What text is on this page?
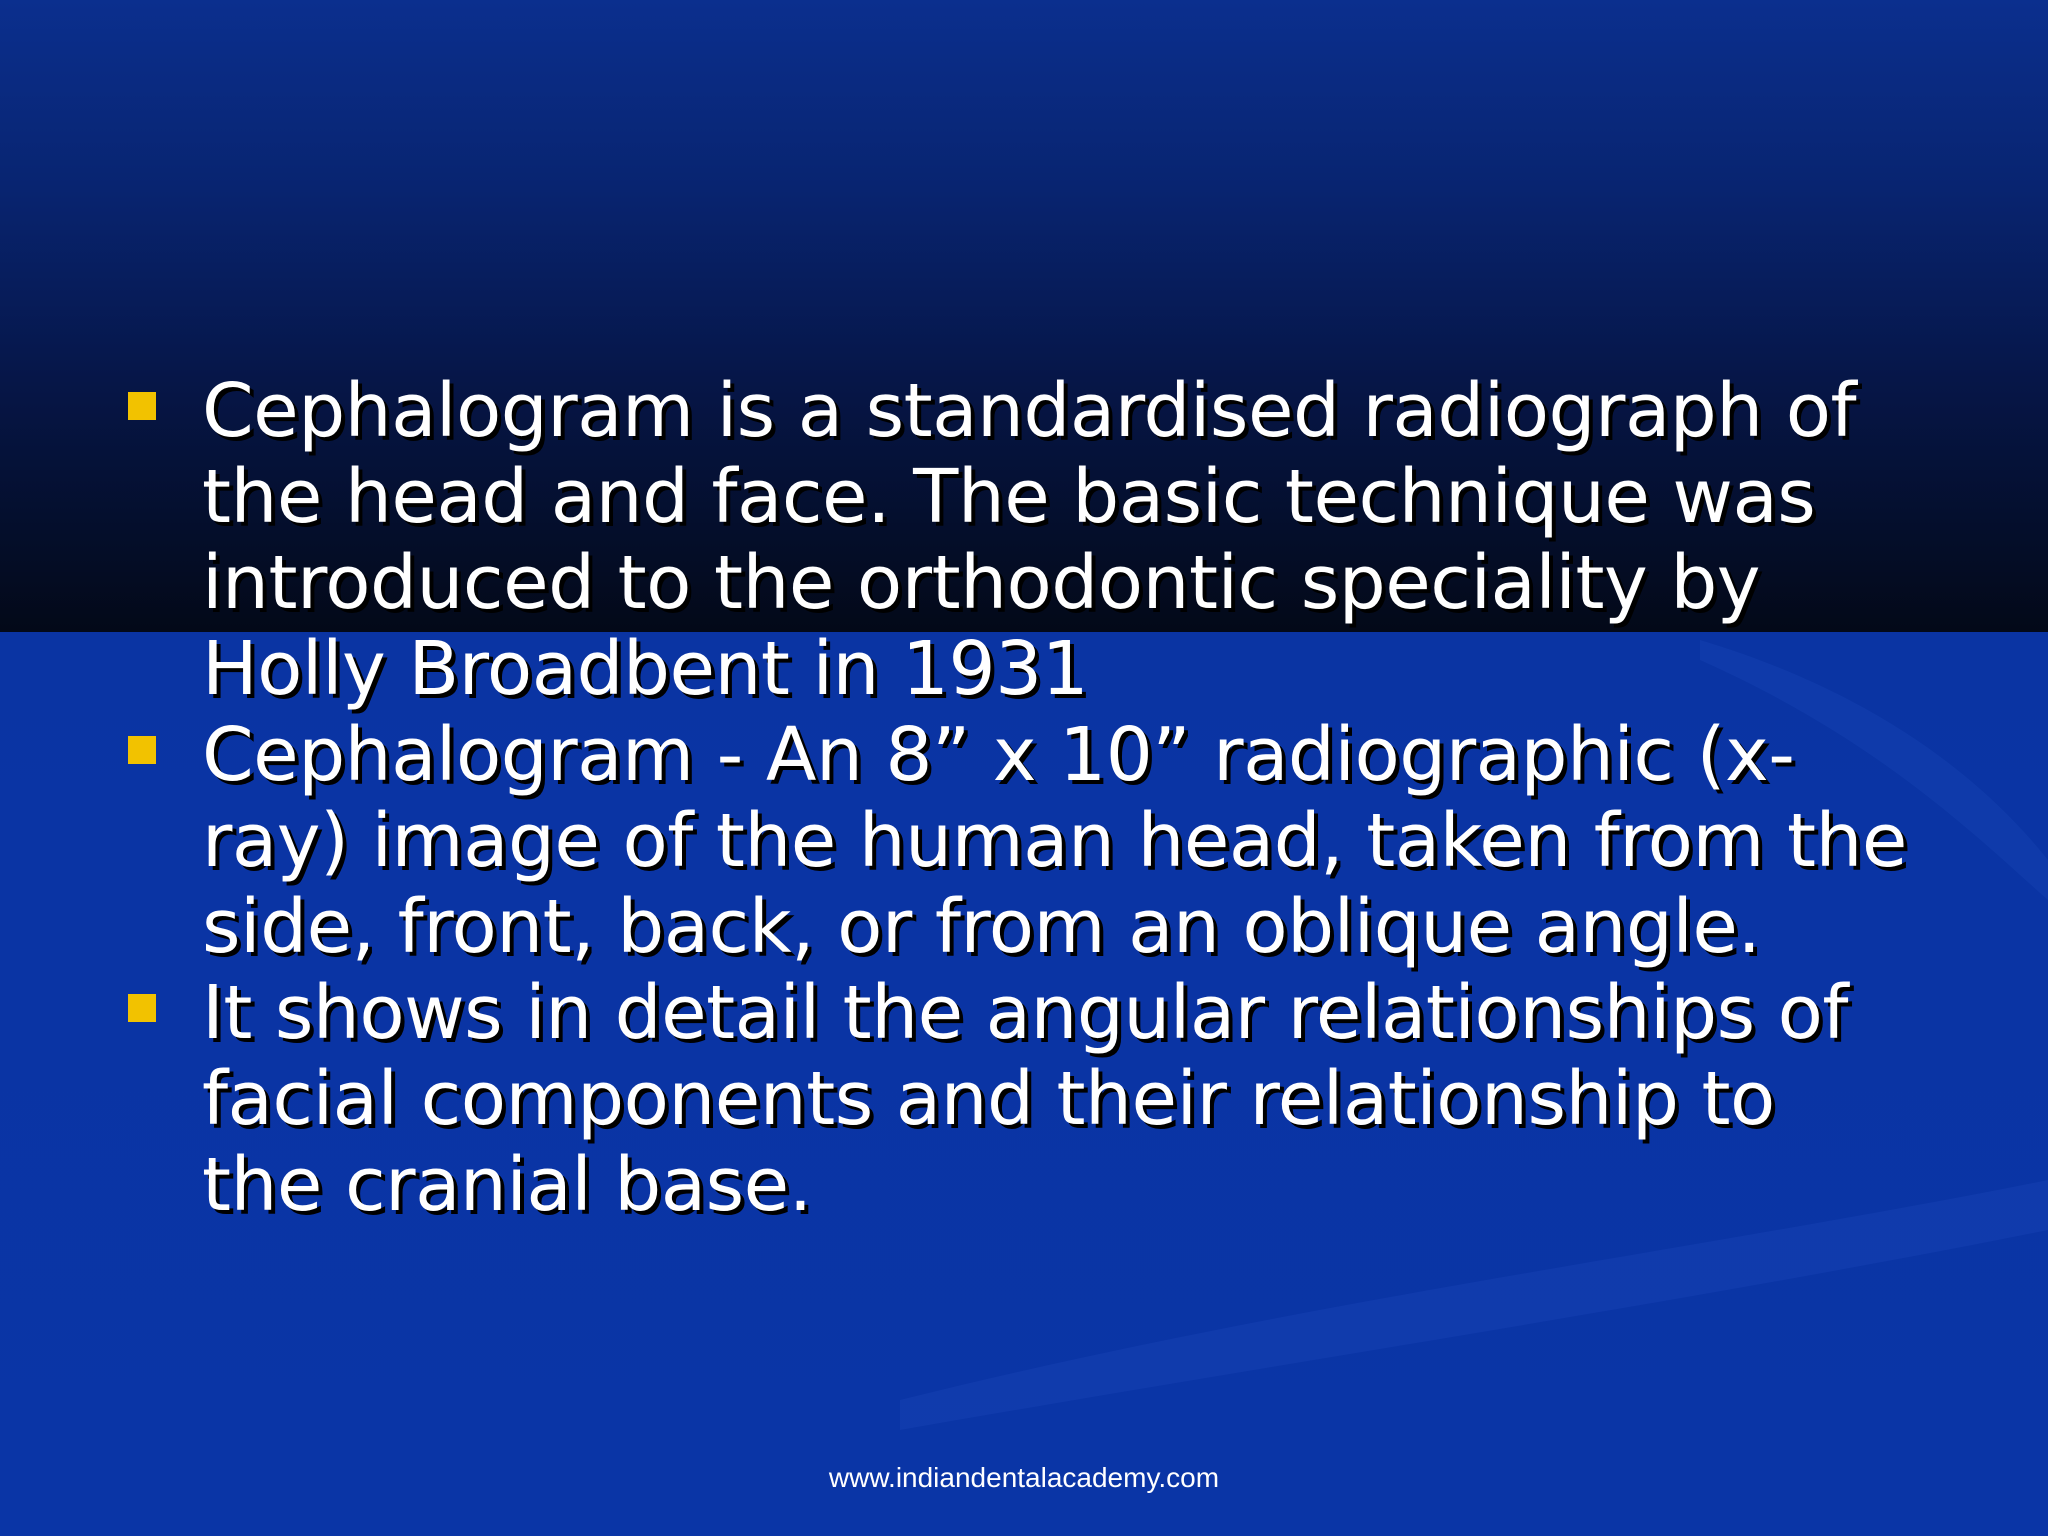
Cephalogram is a standardised radiograph of
the head and face. The basic technique was
introduced to the orthodontic speciality by
Holly Broadbent in 1931
Cephalogram - An 8” x 10” radiographic (x-
ray) image of the human head, taken from the
side, front, back, or from an oblique angle.
It shows in detail the angular relationships of
facial components and their relationship to
the cranial base.
www.indiandentalacademy.com
